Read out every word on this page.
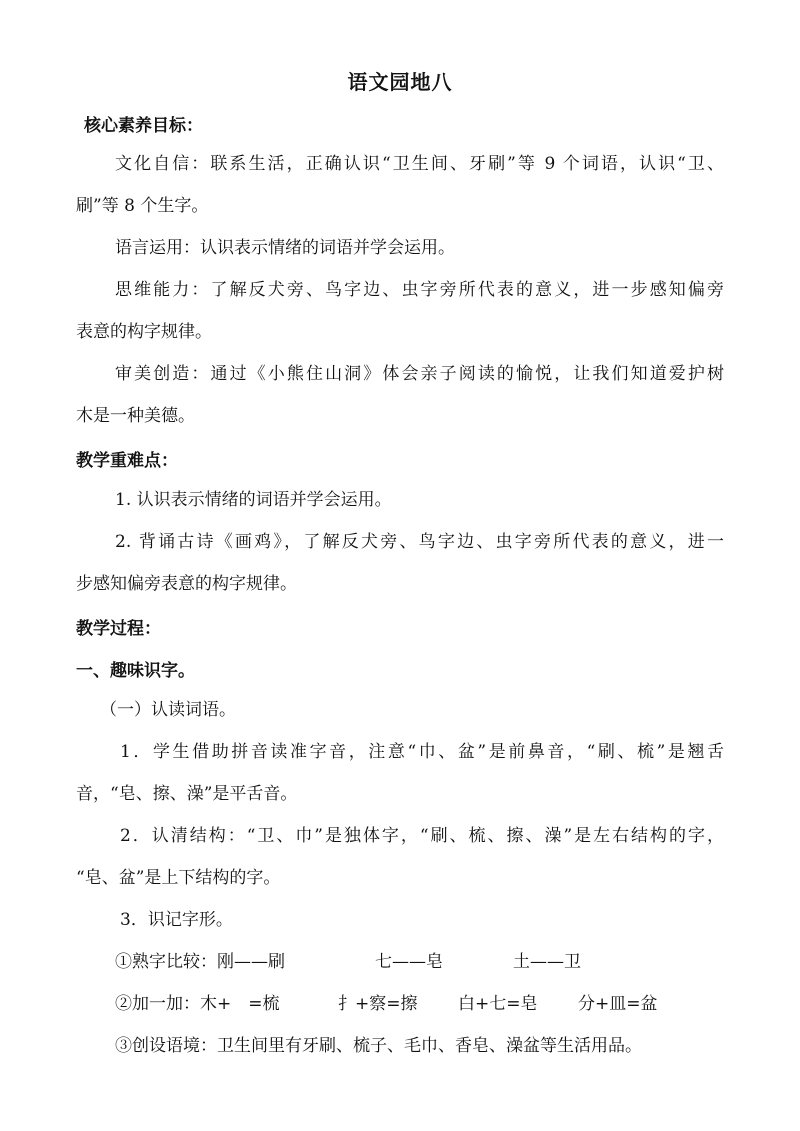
语文园地八
核心素养目标：
文化自信：联系生活，正确认识“卫生间、牙刷”等 9 个词语，认识“卫、
刷”等 8 个生字。
语言运用：认识表示情绪的词语并学会运用。
思维能力：了解反犬旁、鸟字边、虫字旁所代表的意义，进一步感知偏旁
表意的构字规律。
审美创造：通过《小熊住山洞》体会亲子阅读的愉悦，让我们知道爱护树
木是一种美德。
教学重难点：
1. 认识表示情绪的词语并学会运用。
2. 背诵古诗《画鸡》，了解反犬旁、鸟字边、虫字旁所代表的意义，进一
步感知偏旁表意的构字规律。
教学过程：
一、趣味识字。
（一）认读词语。
1．学生借助拼音读准字音，注意“巾、盆”是前鼻音，“刷、梳”是翘舌
音，“皂、擦、澡”是平舌音。
2．认清结构：“卫、巾”是独体字，“刷、梳、擦、澡”是左右结构的字，
“皂、盆”是上下结构的字。
3．识记字形。
①熟字比较：刚——刷	七——皂	土——卫
②加一加：木+　=梳	扌+察=擦 白+七=皂 分+皿=盆
③创设语境：卫生间里有牙刷、梳子、毛巾、香皂、澡盆等生活用品。
